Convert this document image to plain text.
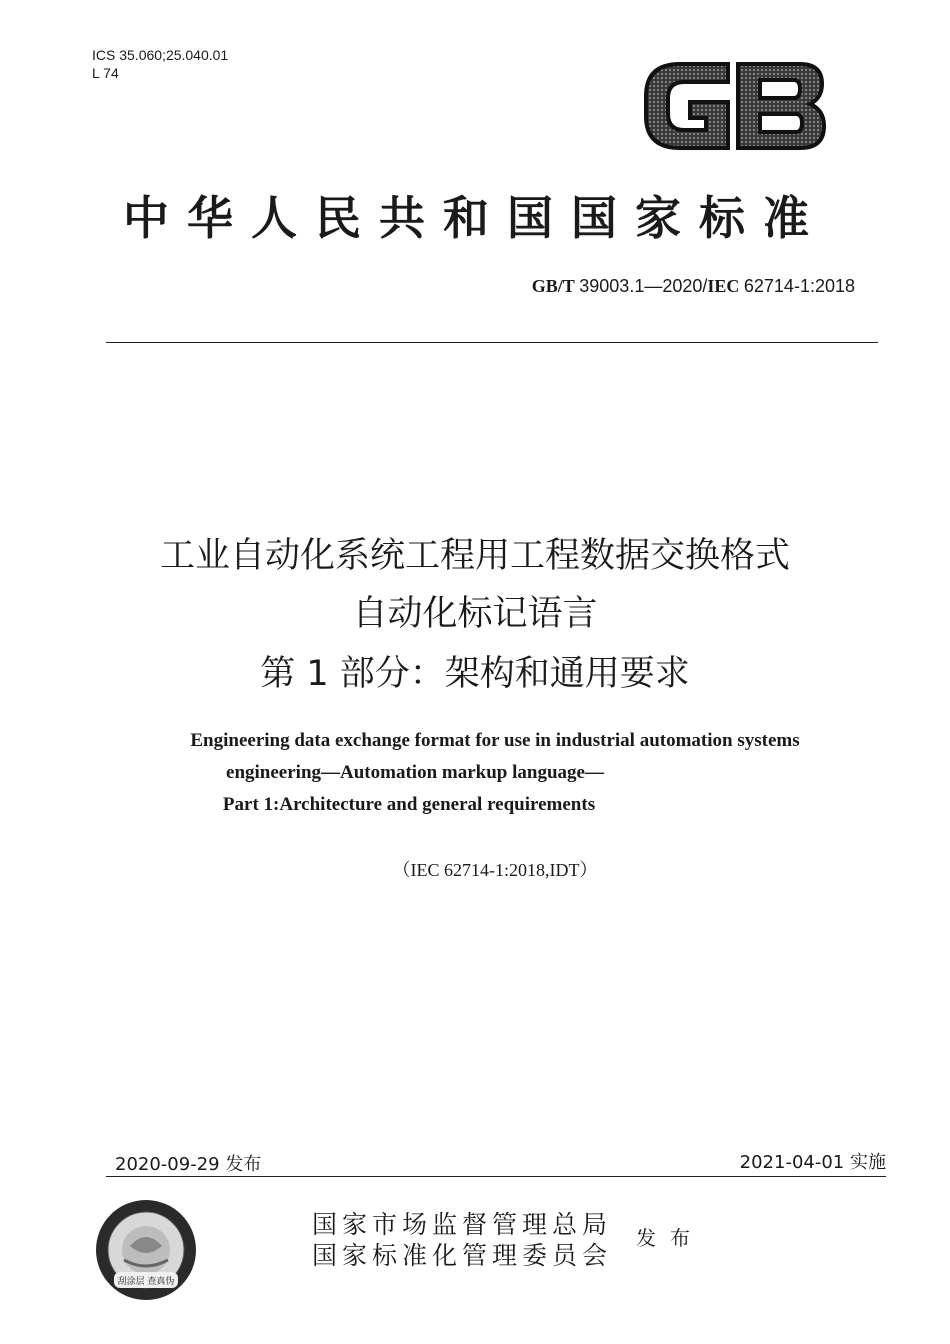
ICS 35.060;25.040.01
L 74
中华人民共和国国家标准
GB/T 39003.1—2020/IEC 62714-1:2018
工业自动化系统工程用工程数据交换格式
自动化标记语言
第 1 部分：架构和通用要求
Engineering data exchange format for use in industrial automation systems
engineering—Automation markup language—
Part 1:Architecture and general requirements
（IEC 62714-1:2018,IDT）
2020-09-29 发布	2021-04-01 实施
刮涂层 查真伪
国家市场监督管理总局
国家标准化管理委员会
发布
